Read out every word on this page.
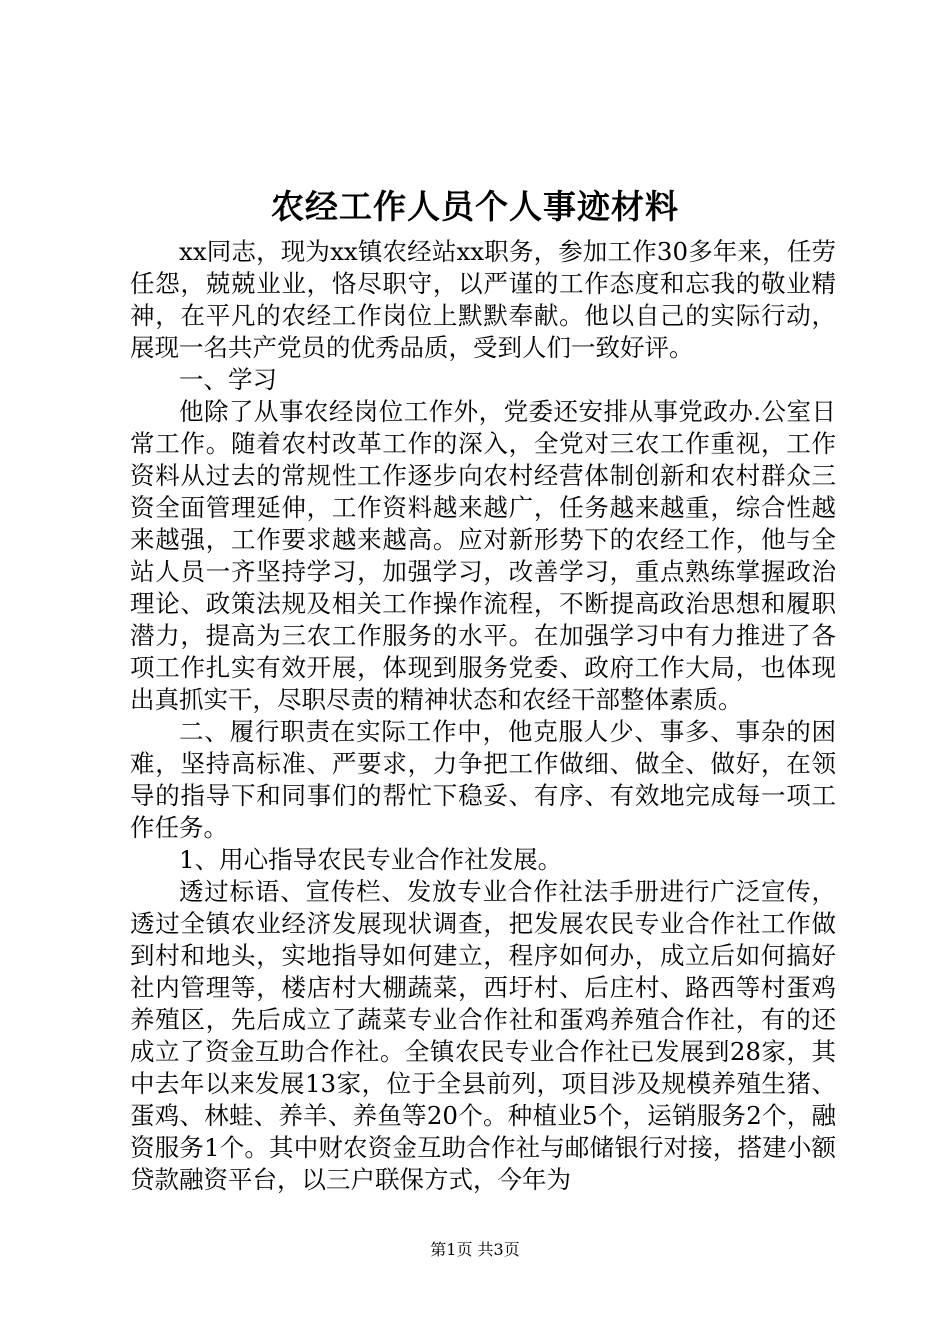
农经工作人员个人事迹材料

xx同志，现为xx镇农经站xx职务，参加工作30多年来，任劳任怨，兢兢业业，恪尽职守，以严谨的工作态度和忘我的敬业精神，在平凡的农经工作岗位上默默奉献。他以自己的实际行动，展现一名共产党员的优秀品质，受到人们一致好评。

一、学习

他除了从事农经岗位工作外，党委还安排从事党政办.公室日常工作。随着农村改革工作的深入，全党对三农工作重视，工作资料从过去的常规性工作逐步向农村经营体制创新和农村群众三资全面管理延伸，工作资料越来越广，任务越来越重，综合性越来越强，工作要求越来越高。应对新形势下的农经工作，他与全站人员一齐坚持学习，加强学习，改善学习，重点熟练掌握政治理论、政策法规及相关工作操作流程，不断提高政治思想和履职潜力，提高为三农工作服务的水平。在加强学习中有力推进了各项工作扎实有效开展，体现到服务党委、政府工作大局，也体现出真抓实干，尽职尽责的精神状态和农经干部整体素质。

二、履行职责在实际工作中，他克服人少、事多、事杂的困难，坚持高标准、严要求，力争把工作做细、做全、做好，在领导的指导下和同事们的帮忙下稳妥、有序、有效地完成每一项工作任务。

1、用心指导农民专业合作社发展。

透过标语、宣传栏、发放专业合作社法手册进行广泛宣传，透过全镇农业经济发展现状调查，把发展农民专业合作社工作做到村和地头，实地指导如何建立，程序如何办，成立后如何搞好社内管理等，楼店村大棚蔬菜，西圩村、后庄村、路西等村蛋鸡养殖区，先后成立了蔬菜专业合作社和蛋鸡养殖合作社，有的还成立了资金互助合作社。全镇农民专业合作社已发展到28家，其中去年以来发展13家，位于全县前列，项目涉及规模养殖生猪、蛋鸡、林蛙、养羊、养鱼等20个。种植业5个，运销服务2个，融资服务1个。其中财农资金互助合作社与邮储银行对接，搭建小额贷款融资平台，以三户联保方式，今年为

第1页 共3页
